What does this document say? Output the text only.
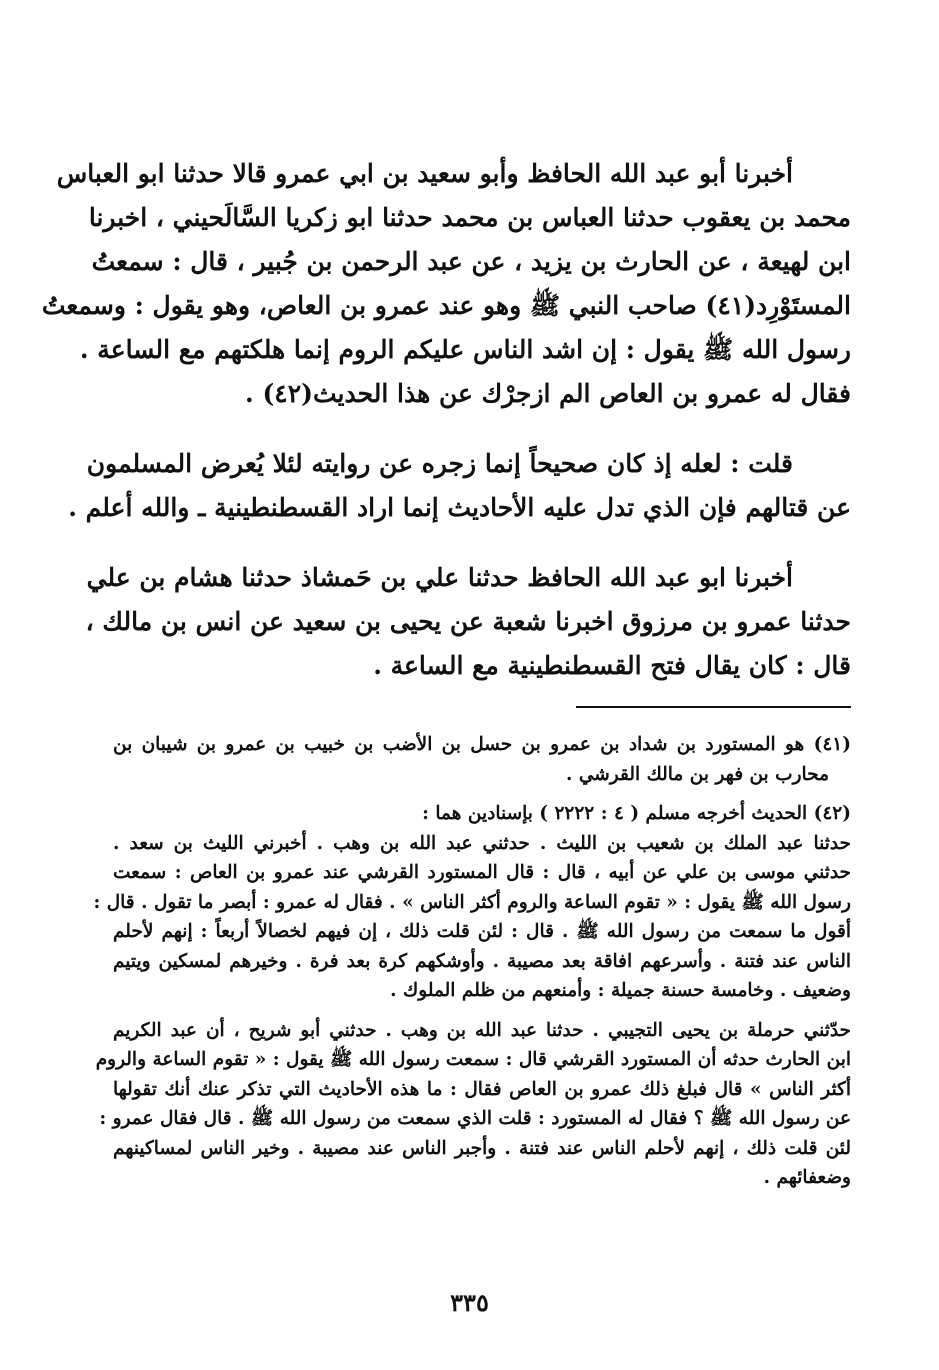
أخبرنا أبو عبد الله الحافظ وأبو سعيد بن ابي عمرو قالا حدثنا ابو العباس
محمد بن يعقوب حدثنا العباس بن محمد حدثنا ابو زكريا السَّالَحيني ، اخبرنا
ابن لهيعة ، عن الحارث بن يزيد ، عن عبد الرحمن بن جُبير ، قال : سمعتُ
المستَوْرِد(٤١) صاحب النبي ﷺ وهو عند عمرو بن العاص، وهو يقول : وسمعتُ
رسول الله ﷺ يقول : إن اشد الناس عليكم الروم إنما هلكتهم مع الساعة .
فقال له عمرو بن العاص الم ازجرْك عن هذا الحديث(٤٢) .

قلت : لعله إذ كان صحيحاً إنما زجره عن روايته لئلا يُعرض المسلمون
عن قتالهم فإن الذي تدل عليه الأحاديث إنما اراد القسطنطينية ـ والله أعلم .

أخبرنا ابو عبد الله الحافظ حدثنا علي بن حَمشاذ حدثنا هشام بن علي
حدثنا عمرو بن مرزوق اخبرنا شعبة عن يحيى بن سعيد عن انس بن مالك ،
قال : كان يقال فتح القسطنطينية مع الساعة .

(٤١) هو المستورد بن شداد بن عمرو بن حسل بن الأضب بن خبيب بن عمرو بن شيبان بن
محارب بن فهر بن مالك القرشي .
(٤٢) الحديث أخرجه مسلم ( ٤ : ٢٢٢٢ ) بإسنادين هما :
حدثنا عبد الملك بن شعيب بن الليث . حدثني عبد الله بن وهب . أخبرني الليث بن سعد .
حدثني موسى بن علي عن أبيه ، قال : قال المستورد القرشي عند عمرو بن العاص : سمعت
رسول الله ﷺ يقول : « تقوم الساعة والروم أكثر الناس » . فقال له عمرو : أبصر ما تقول . قال :
أقول ما سمعت من رسول الله ﷺ . قال : لئن قلت ذلك ، إن فيهم لخصالاً أربعاً : إنهم لأحلم
الناس عند فتنة . وأسرعهم افاقة بعد مصيبة . وأوشكهم كرة بعد فرة . وخيرهم لمسكين ويتيم
وضعيف . وخامسة حسنة جميلة : وأمنعهم من ظلم الملوك .
حدّثني حرملة بن يحيى التجيبي . حدثنا عبد الله بن وهب . حدثني أبو شريح ، أن عبد الكريم
ابن الحارث حدثه أن المستورد القرشي قال : سمعت رسول الله ﷺ يقول : « تقوم الساعة والروم
أكثر الناس » قال فبلغ ذلك عمرو بن العاص فقال : ما هذه الأحاديث التي تذكر عنك أنك تقولها
عن رسول الله ﷺ ؟ فقال له المستورد : قلت الذي سمعت من رسول الله ﷺ . قال فقال عمرو :
لئن قلت ذلك ، إنهم لأحلم الناس عند فتنة . وأجبر الناس عند مصيبة . وخير الناس لمساكينهم
وضعفائهم .
٣٣٥
